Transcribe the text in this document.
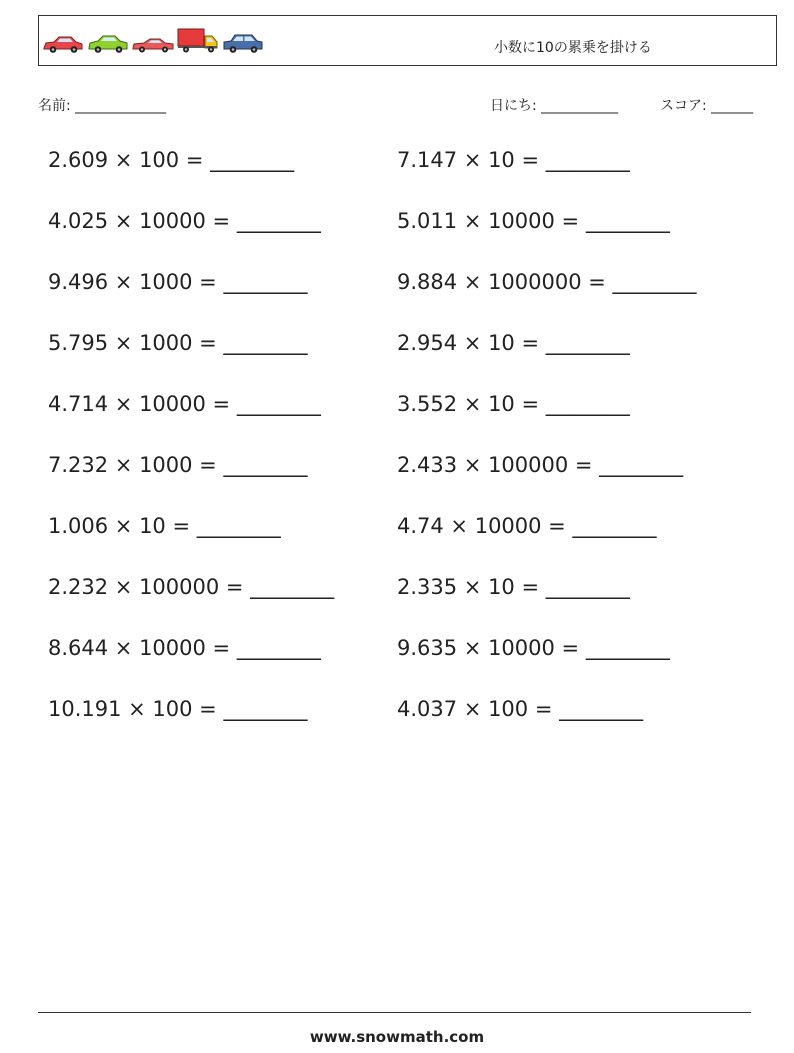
小数に10の累乗を掛ける
名前: _____________	日にち: ___________	スコア: ______
2.609 × 100 = ________
4.025 × 10000 = ________
9.496 × 1000 = ________
5.795 × 1000 = ________
4.714 × 10000 = ________
7.232 × 1000 = ________
1.006 × 10 = ________
2.232 × 100000 = ________
8.644 × 10000 = ________
10.191 × 100 = ________
7.147 × 10 = ________
5.011 × 10000 = ________
9.884 × 1000000 = ________
2.954 × 10 = ________
3.552 × 10 = ________
2.433 × 100000 = ________
4.74 × 10000 = ________
2.335 × 10 = ________
9.635 × 10000 = ________
4.037 × 100 = ________
www.snowmath.com
